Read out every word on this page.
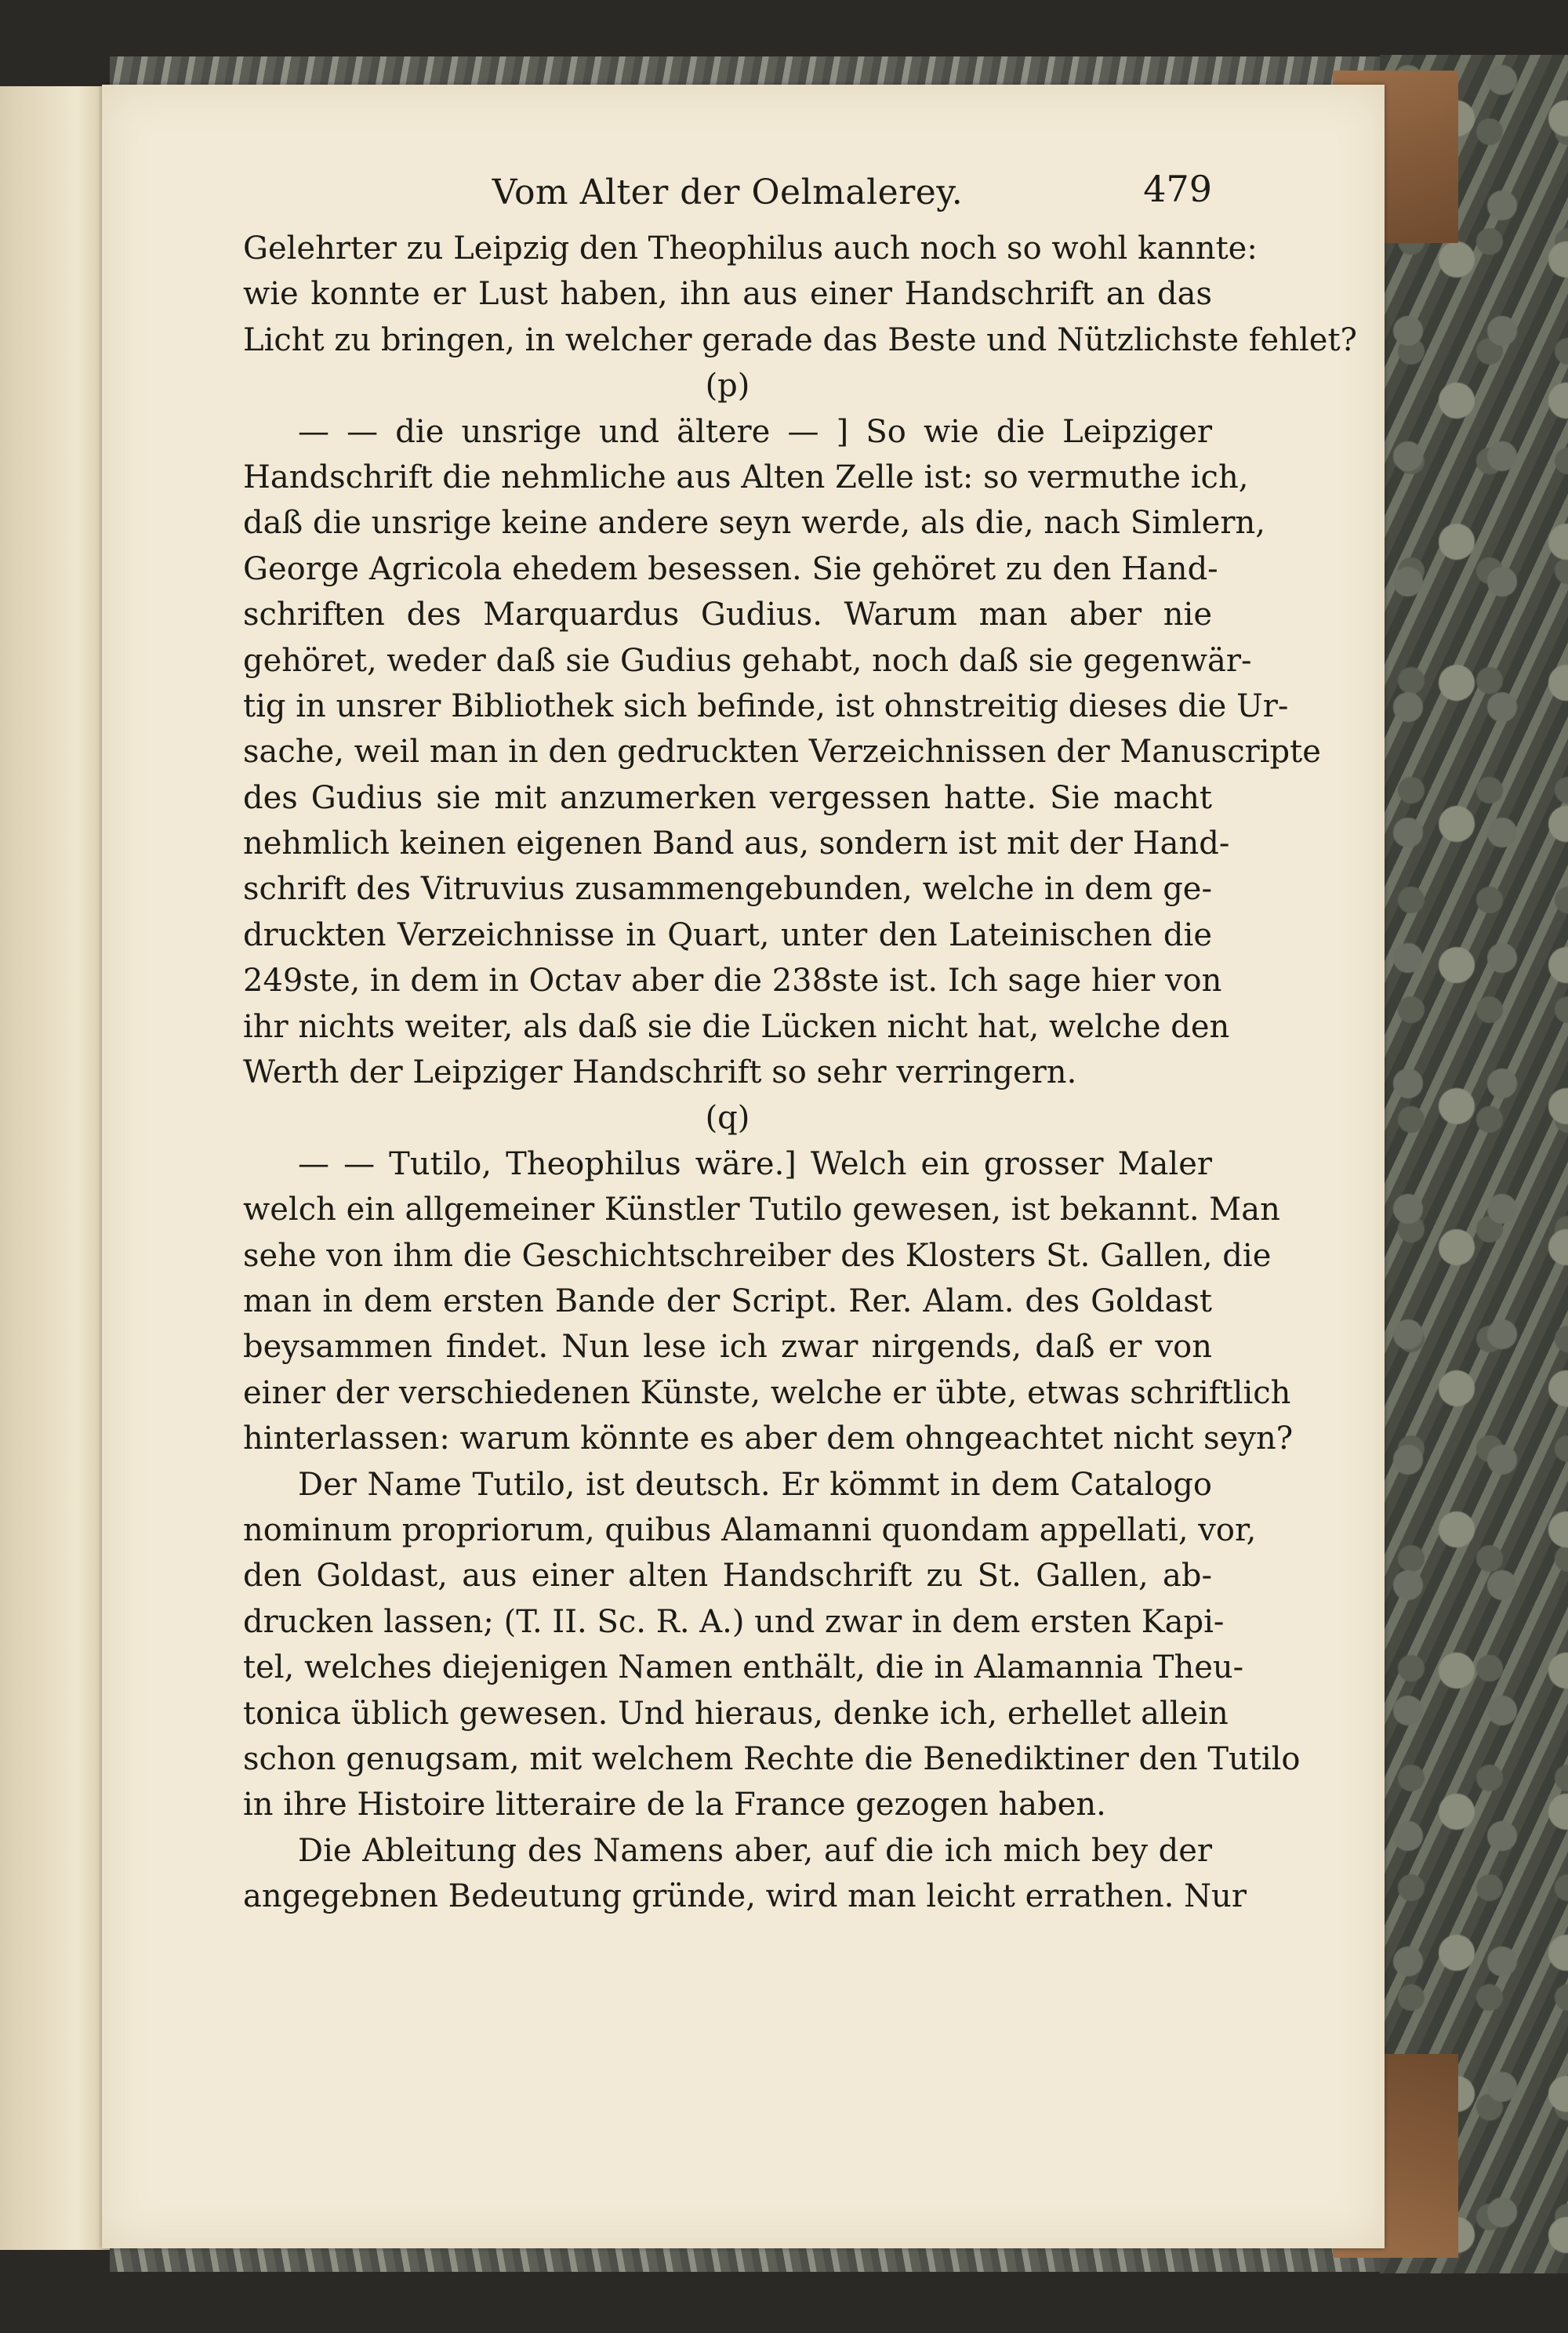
Vom Alter der Oelmalerey.	479
Gelehrter zu Leipzig den Theophilus auch noch so wohl kannte:
wie konnte er Lust haben, ihn aus einer Handschrift an das
Licht zu bringen, in welcher gerade das Beste und Nützlichste fehlet?
(p)
— — die unsrige und ältere — ] So wie die Leipziger
Handschrift die nehmliche aus Alten Zelle ist: so vermuthe ich,
daß die unsrige keine andere seyn werde, als die, nach Simlern,
George Agricola ehedem besessen. Sie gehöret zu den Hand-
schriften des Marquardus Gudius. Warum man aber nie
gehöret, weder daß sie Gudius gehabt, noch daß sie gegenwär-
tig in unsrer Bibliothek sich befinde, ist ohnstreitig dieses die Ur-
sache, weil man in den gedruckten Verzeichnissen der Manuscripte
des Gudius sie mit anzumerken vergessen hatte. Sie macht
nehmlich keinen eigenen Band aus, sondern ist mit der Hand-
schrift des Vitruvius zusammengebunden, welche in dem ge-
druckten Verzeichnisse in Quart, unter den Lateinischen die
249ste, in dem in Octav aber die 238ste ist. Ich sage hier von
ihr nichts weiter, als daß sie die Lücken nicht hat, welche den
Werth der Leipziger Handschrift so sehr verringern.
(q)
— — Tutilo, Theophilus wäre.] Welch ein grosser Maler
welch ein allgemeiner Künstler Tutilo gewesen, ist bekannt. Man
sehe von ihm die Geschichtschreiber des Klosters St. Gallen, die
man in dem ersten Bande der Script. Rer. Alam. des Goldast
beysammen findet. Nun lese ich zwar nirgends, daß er von
einer der verschiedenen Künste, welche er übte, etwas schriftlich
hinterlassen: warum könnte es aber dem ohngeachtet nicht seyn?
Der Name Tutilo, ist deutsch. Er kömmt in dem Catalogo
nominum propriorum, quibus Alamanni quondam appellati, vor,
den Goldast, aus einer alten Handschrift zu St. Gallen, ab-
drucken lassen; (T. II. Sc. R. A.) und zwar in dem ersten Kapi-
tel, welches diejenigen Namen enthält, die in Alamannia Theu-
tonica üblich gewesen. Und hieraus, denke ich, erhellet allein
schon genugsam, mit welchem Rechte die Benediktiner den Tutilo
in ihre Histoire litteraire de la France gezogen haben.
Die Ableitung des Namens aber, auf die ich mich bey der
angegebnen Bedeutung gründe, wird man leicht errathen. Nur
